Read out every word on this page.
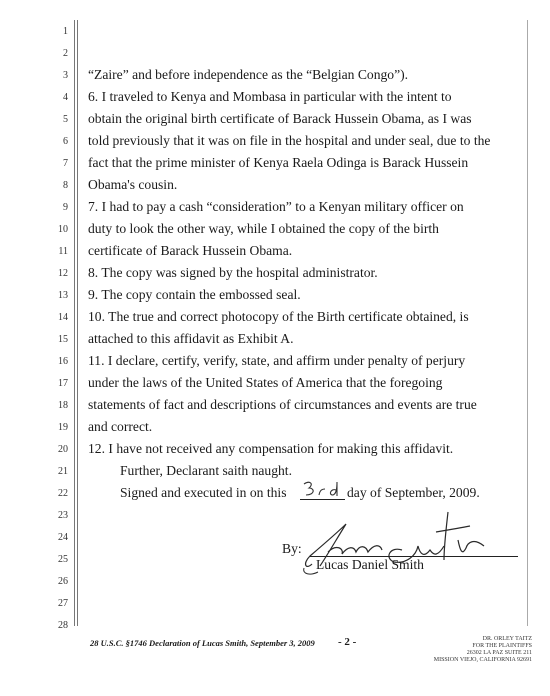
1
2
3
4
5
6
7
8
9
10
11
12
13
14
15
16
17
18
19
20
21
22
23
24
25
26
27
28
“Zaire” and before independence as the “Belgian Congo”).
6. I traveled to Kenya and Mombasa in particular with the intent to
obtain the original birth certificate of Barack Hussein Obama, as I was
told previously that it was on file in the hospital and under seal, due to the
fact that the prime minister of Kenya Raela Odinga is Barack Hussein
Obama's cousin.
7. I had to pay a cash “consideration” to a Kenyan military officer on
duty to look the other way, while I obtained the copy of the birth
certificate of Barack Hussein Obama.
8. The copy was signed by the hospital administrator.
9. The copy contain the embossed seal.
10. The true and correct photocopy of the Birth certificate obtained, is
attached to this affidavit as Exhibit A.
11. I declare, certify, verify, state, and affirm under penalty of perjury
under the laws of the United States of America that the foregoing
statements of fact and descriptions of circumstances and events are true
and correct.
12. I have not received any compensation for making this affidavit.
Further, Declarant saith naught.
Signed and executed in on this	day of September, 2009.
By:
Lucas Daniel Smith
28 U.S.C. §1746 Declaration of Lucas Smith, September 3, 2009 - 2 -	DR. ORLEY TAITZ
FOR THE PLAINTIFFS
26302 LA PAZ SUITE 211
MISSION VIEJO, CALIFORNIA 92691
